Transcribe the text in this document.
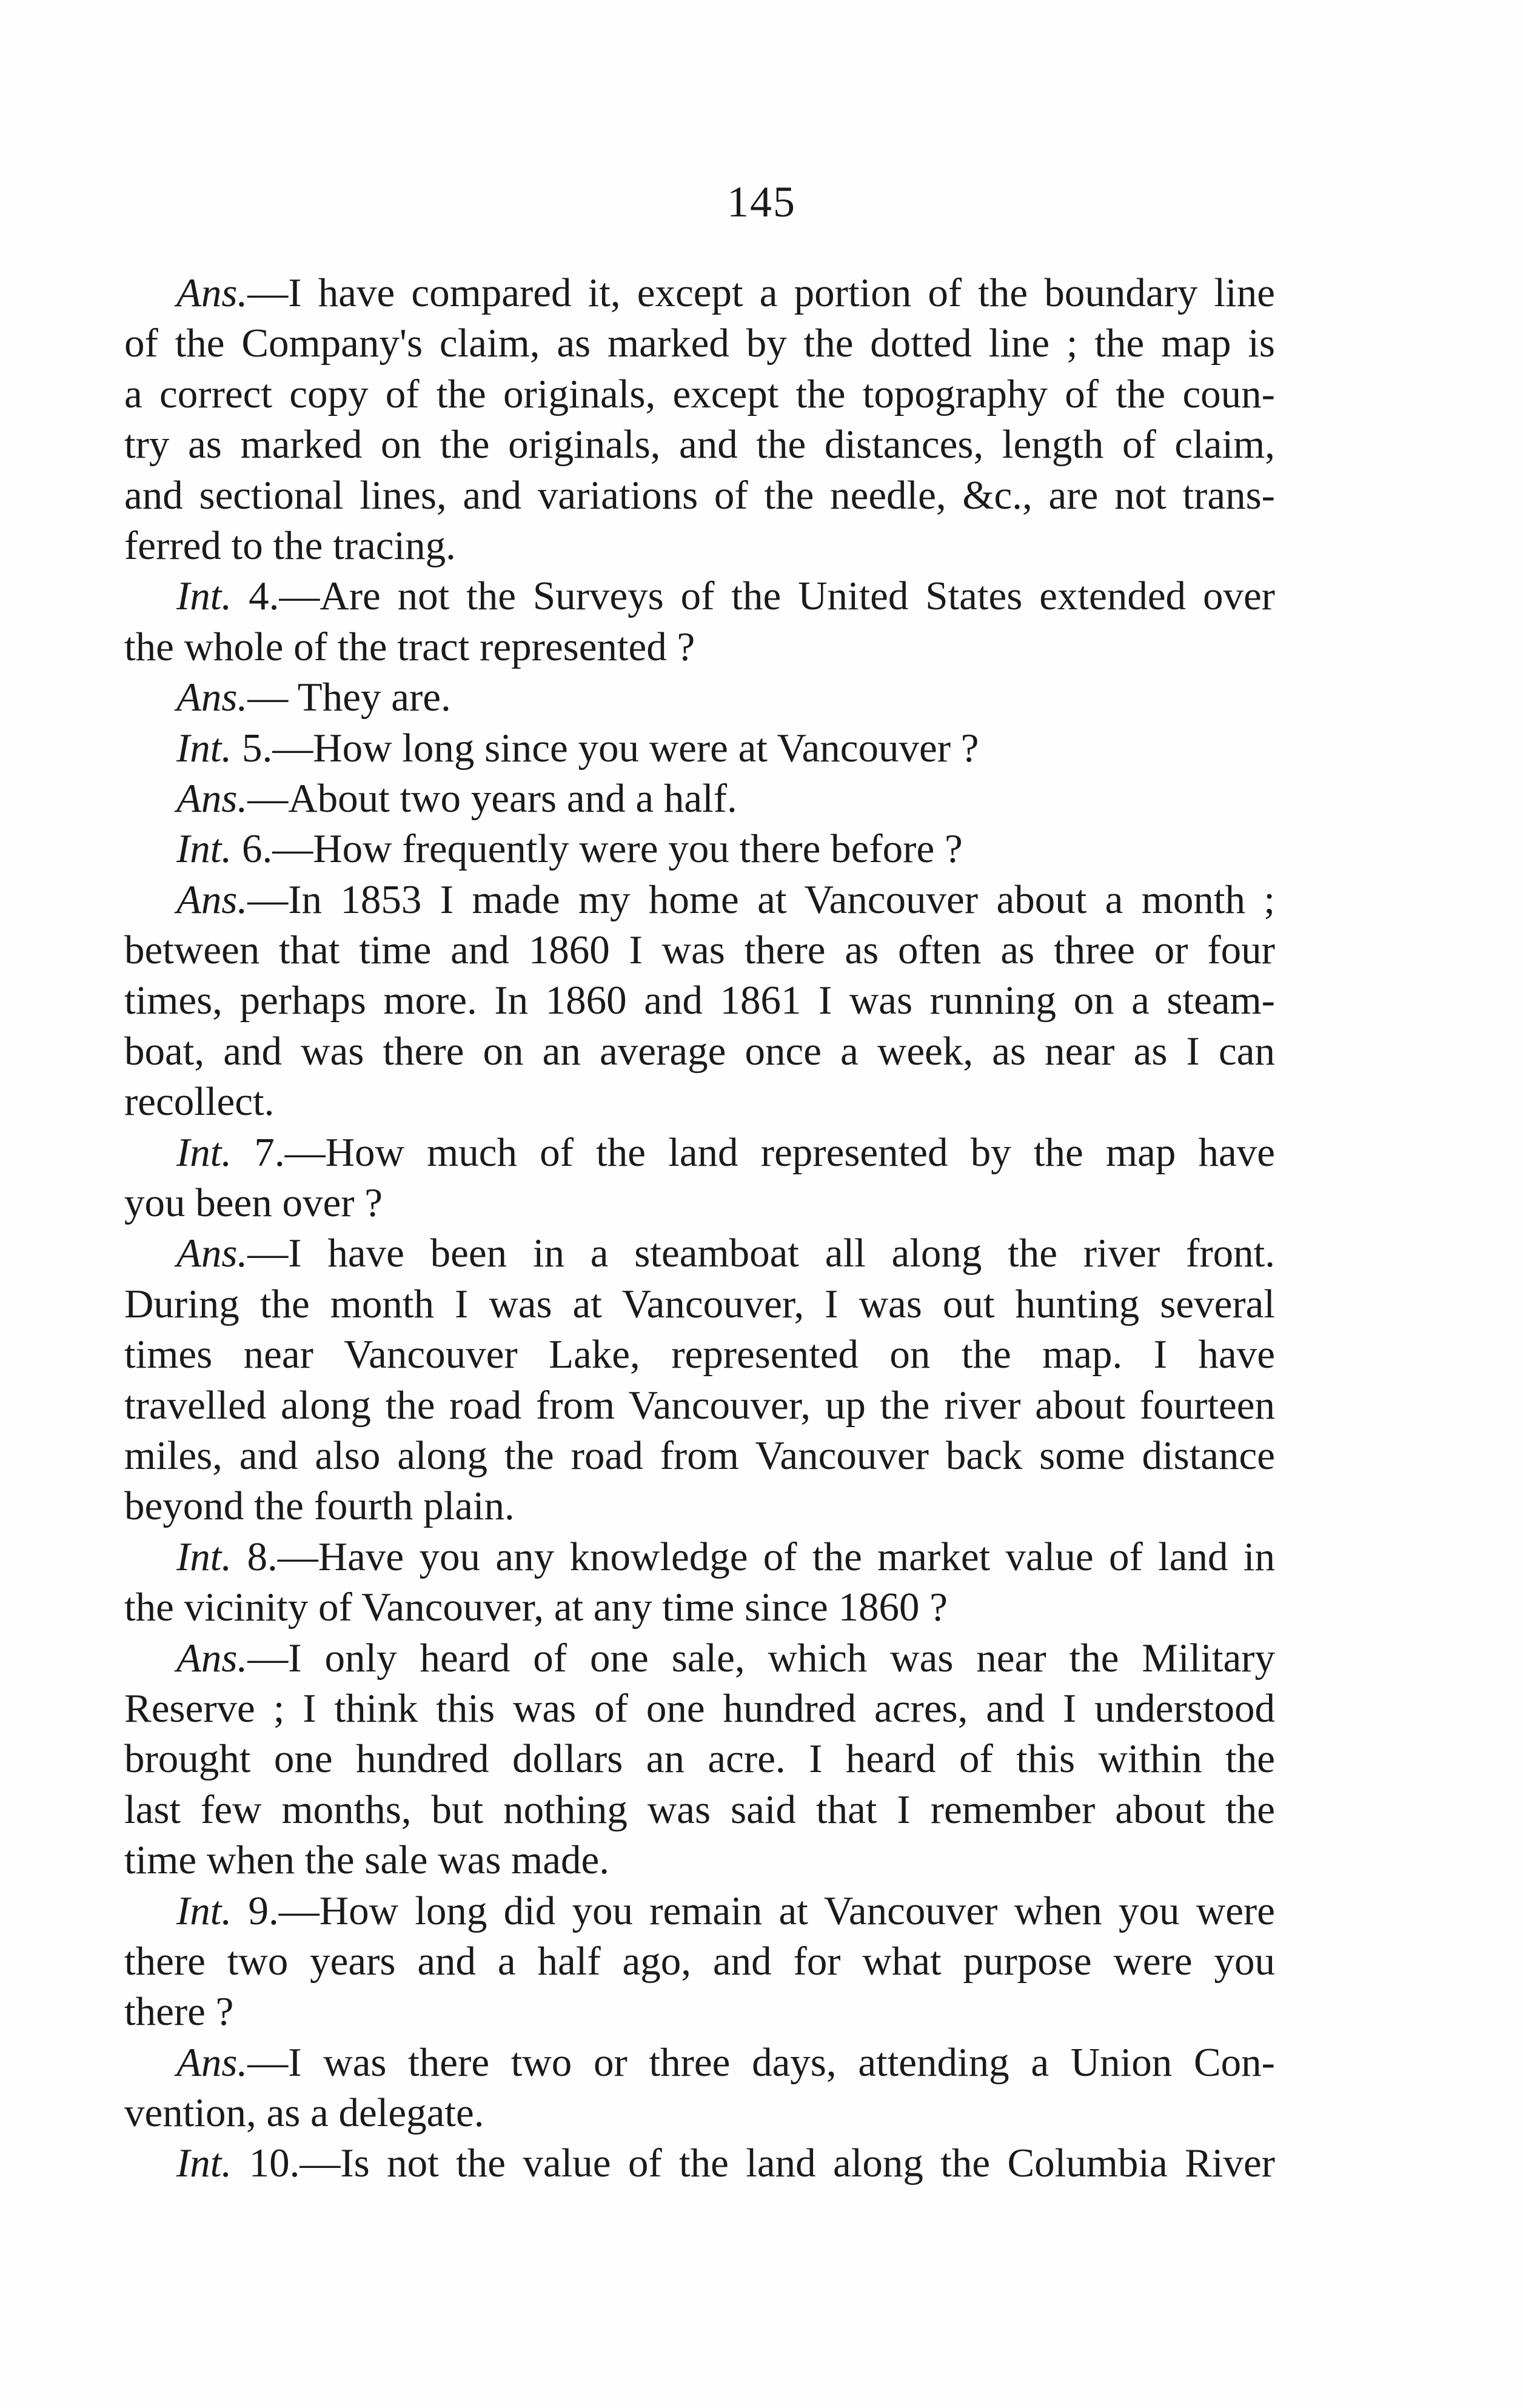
145
Ans.—I have compared it, except a portion of the boundary line
of the Company's claim, as marked by the dotted line ; the map is
a correct copy of the originals, except the topography of the coun-
try as marked on the originals, and the distances, length of claim,
and sectional lines, and variations of the needle, &c., are not trans-
ferred to the tracing.
Int. 4.—Are not the Surveys of the United States extended over
the whole of the tract represented ?
Ans.— They are.
Int. 5.—How long since you were at Vancouver ?
Ans.—About two years and a half.
Int. 6.—How frequently were you there before ?
Ans.—In 1853 I made my home at Vancouver about a month ;
between that time and 1860 I was there as often as three or four
times, perhaps more. In 1860 and 1861 I was running on a steam-
boat, and was there on an average once a week, as near as I can
recollect.
Int. 7.—How much of the land represented by the map have
you been over ?
Ans.—I have been in a steamboat all along the river front.
During the month I was at Vancouver, I was out hunting several
times near Vancouver Lake, represented on the map. I have
travelled along the road from Vancouver, up the river about fourteen
miles, and also along the road from Vancouver back some distance
beyond the fourth plain.
Int. 8.—Have you any knowledge of the market value of land in
the vicinity of Vancouver, at any time since 1860 ?
Ans.—I only heard of one sale, which was near the Military
Reserve ; I think this was of one hundred acres, and I understood
brought one hundred dollars an acre. I heard of this within the
last few months, but nothing was said that I remember about the
time when the sale was made.
Int. 9.—How long did you remain at Vancouver when you were
there two years and a half ago, and for what purpose were you
there ?
Ans.—I was there two or three days, attending a Union Con-
vention, as a delegate.
Int. 10.—Is not the value of the land along the Columbia River
